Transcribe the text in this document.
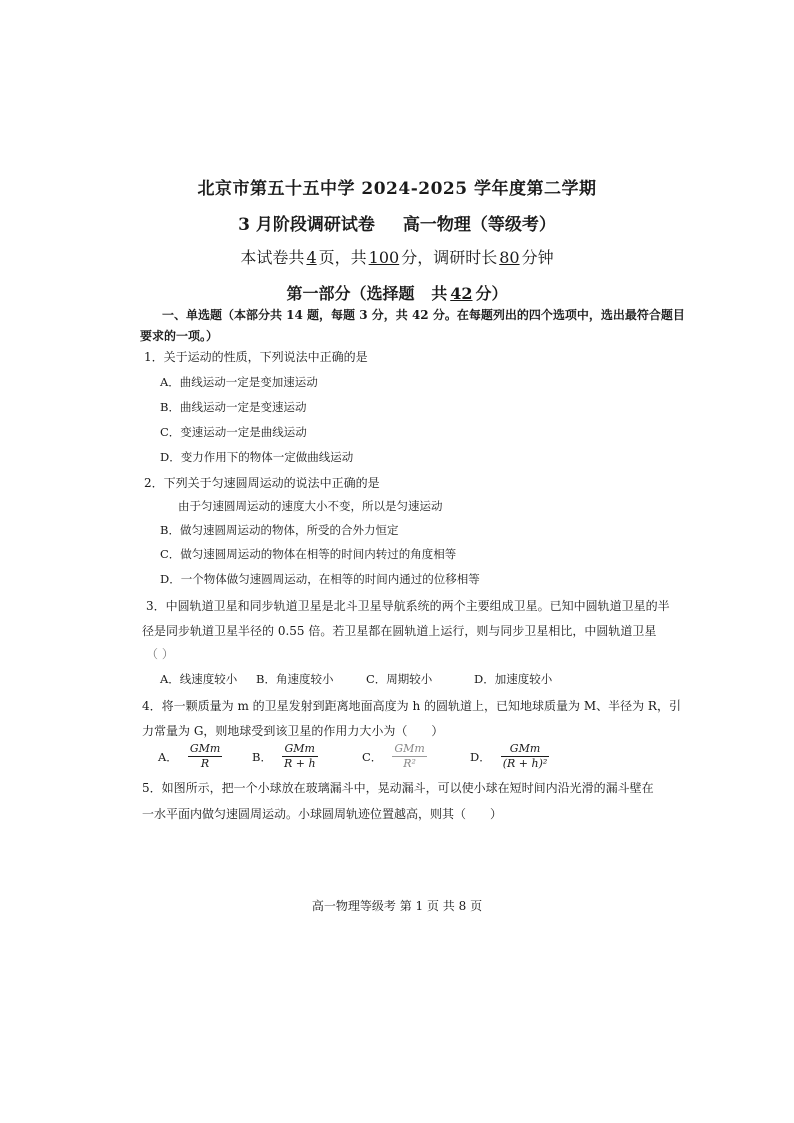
北京市第五十五中学 2024-2025 学年度第二学期
3 月阶段调研试卷 高一物理（等级考）
本试卷共 4 页，共 100 分，调研时长 80 分钟
第一部分（选择题 共 42 分）
一、单选题（本部分共 14 题，每题 3 分，共 42 分。在每题列出的四个选项中，选出最符合题目
要求的一项。）
1．关于运动的性质，下列说法中正确的是
A．曲线运动一定是变加速运动
B．曲线运动一定是变速运动
C．变速运动一定是曲线运动
D．变力作用下的物体一定做曲线运动
2．下列关于匀速圆周运动的说法中正确的是
由于匀速圆周运动的速度大小不变，所以是匀速运动
B．做匀速圆周运动的物体，所受的合外力恒定
C．做匀速圆周运动的物体在相等的时间内转过的角度相等
D．一个物体做匀速圆周运动，在相等的时间内通过的位移相等
3．中圆轨道卫星和同步轨道卫星是北斗卫星导航系统的两个主要组成卫星。已知中圆轨道卫星的半
径是同步轨道卫星半径的 0.55 倍。若卫星都在圆轨道上运行，则与同步卫星相比，中圆轨道卫星
（ ）
A．线速度较小 B．角速度较小	C．周期较小	D．加速度较小
4．将一颗质量为 m 的卫星发射到距离地面高度为 h 的圆轨道上，已知地球质量为 M、半径为 R，引
力常量为 G，则地球受到该卫星的作用力大小为（　　）
A． $\frac{\text{GMm}}{R}$	B． $\frac{\text{GMm}}{R + h}$	C． $\frac{\text{GMm}}{\text{R²}}$	D． $\frac{\text{GMm}}{\text{(R + h)²}}$
5．如图所示，把一个小球放在玻璃漏斗中，晃动漏斗，可以使小球在短时间内沿光滑的漏斗壁在
一水平面内做匀速圆周运动。小球圆周轨迹位置越高，则其（　　）
高一物理等级考 第 1 页 共 8 页
